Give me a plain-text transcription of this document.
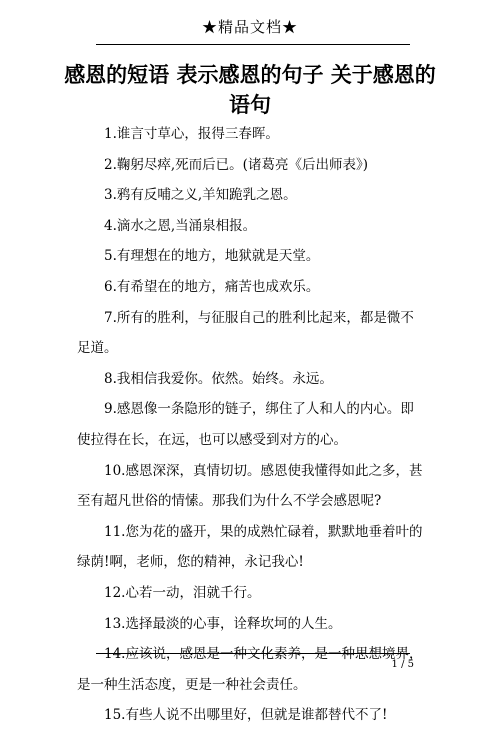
★精品文档★
感恩的短语 表示感恩的句子 关于感恩的语句

1.谁言寸草心，报得三春晖。

2.鞠躬尽瘁,死而后已。(诸葛亮《后出师表》)

3.鸦有反哺之义,羊知跪乳之恩。

4.滴水之恩,当涌泉相报。

5.有理想在的地方，地狱就是天堂。

6.有希望在的地方，痛苦也成欢乐。

7.所有的胜利，与征服自己的胜利比起来，都是微不足道。

8.我相信我爱你。依然。始终。永远。

9.感恩像一条隐形的链子，绑住了人和人的内心。即使拉得在长，在远，也可以感受到对方的心。

10.感恩深深，真情切切。感恩使我懂得如此之多，甚至有超凡世俗的情愫。那我们为什么不学会感恩呢?

11.您为花的盛开，果的成熟忙碌着，默默地垂着叶的绿荫!啊，老师，您的精神，永记我心!

12.心若一动，泪就千行。

13.选择最淡的心事，诠释坎坷的人生。

14.应该说，感恩是一种文化素养，是一种思想境界，是一种生活态度，更是一种社会责任。

15.有些人说不出哪里好，但就是谁都替代不了!

1 / 5
